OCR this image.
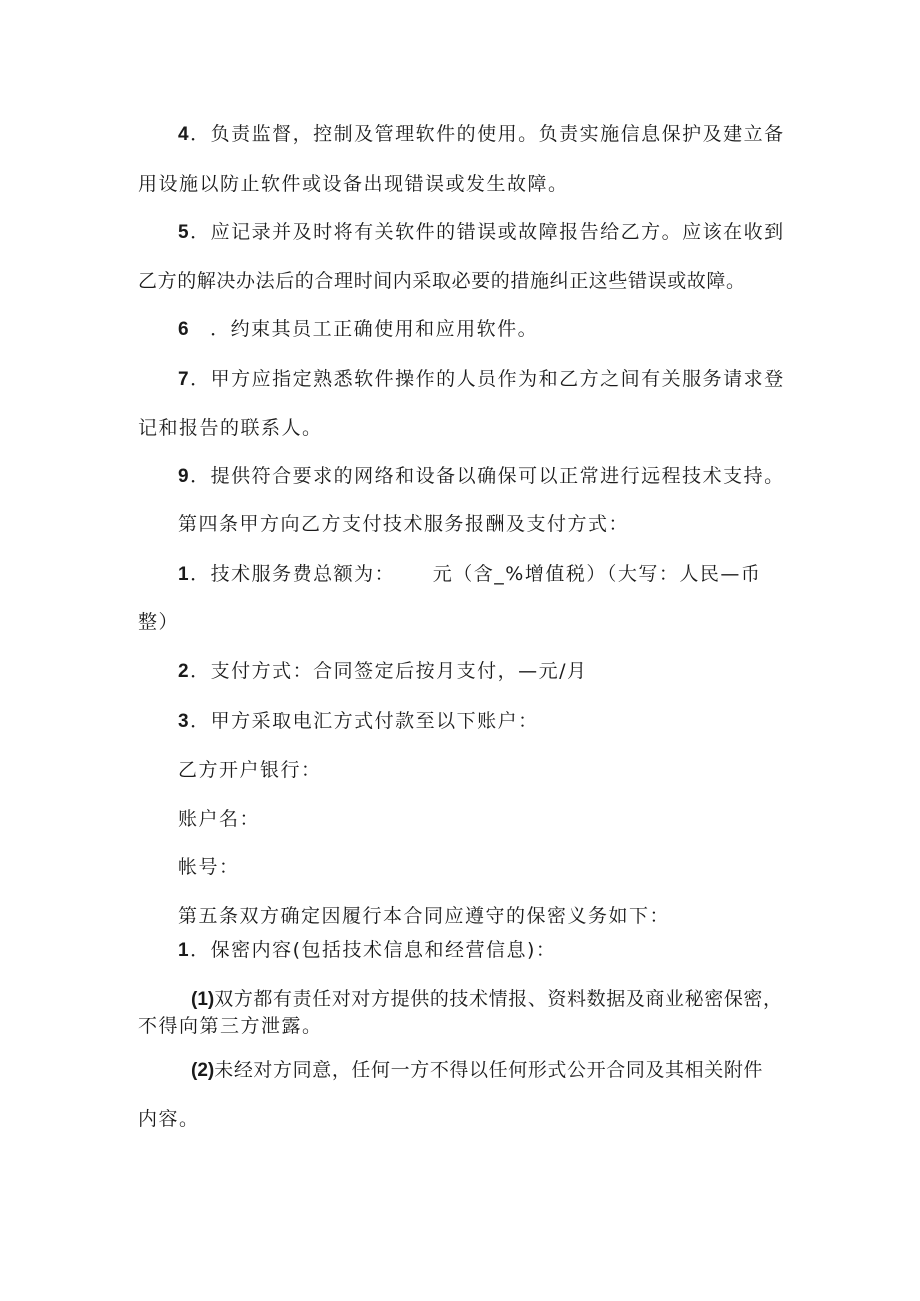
4．负责监督，控制及管理软件的使用。负责实施信息保护及建立备
用设施以防止软件或设备出现错误或发生故障。
5．应记录并及时将有关软件的错误或故障报告给乙方。应该在收到
乙方的解决办法后的合理时间内采取必要的措施纠正这些错误或故障。
6 ．约束其员工正确使用和应用软件。
7．甲方应指定熟悉软件操作的人员作为和乙方之间有关服务请求登
记和报告的联系人。
9．提供符合要求的网络和设备以确保可以正常进行远程技术支持。
第四条甲方向乙方支付技术服务报酬及支付方式：
1．技术服务费总额为：     元（含_%增值税）（大写：人民—币
整）
2．支付方式：合同签定后按月支付，—元/月
3．甲方采取电汇方式付款至以下账户：
乙方开户银行：
账户名：
帐号：
第五条双方确定因履行本合同应遵守的保密义务如下：
1．保密内容(包括技术信息和经营信息)：
(1)双方都有责任对对方提供的技术情报、资料数据及商业秘密保密，
不得向第三方泄露。
(2)未经对方同意，任何一方不得以任何形式公开合同及其相关附件
内容。
